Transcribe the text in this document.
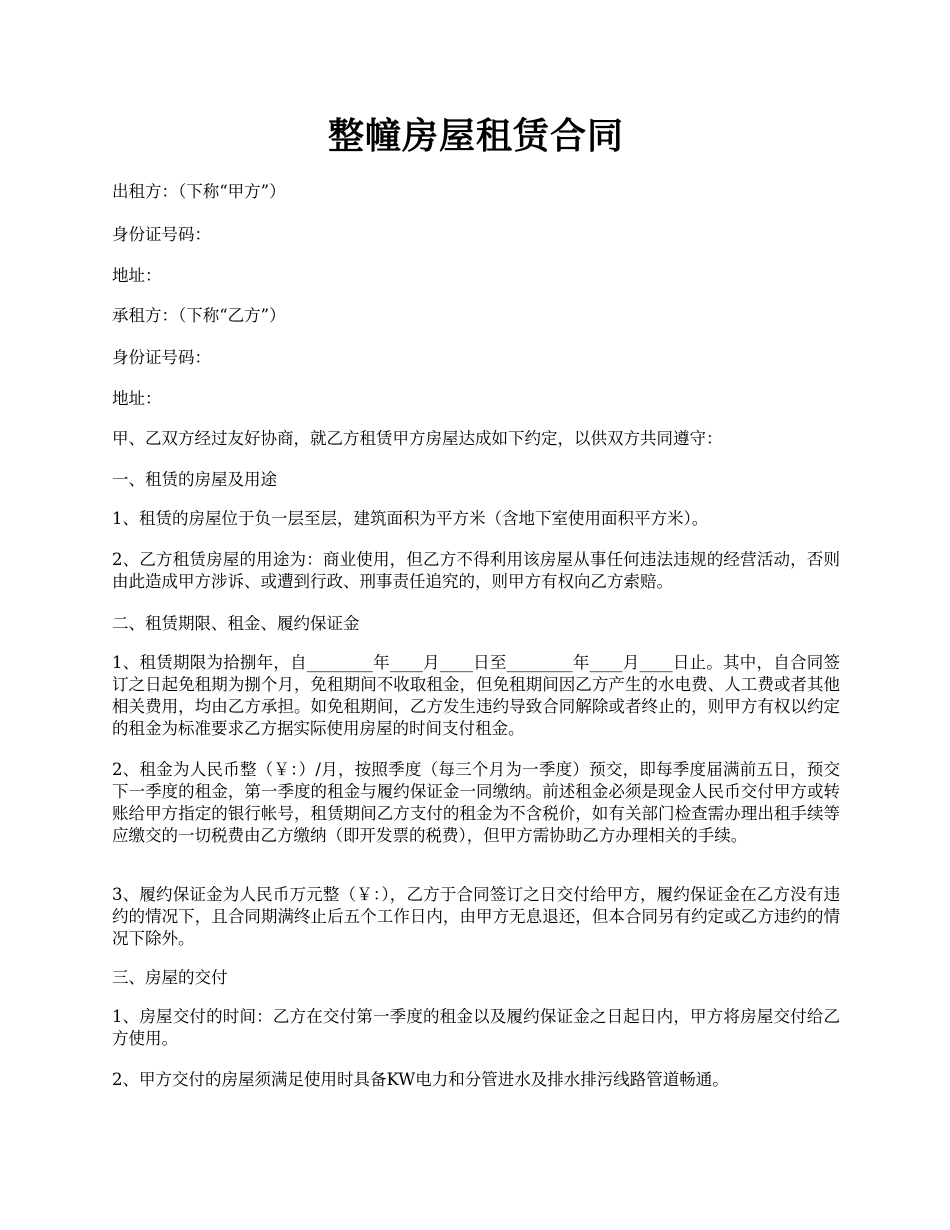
整幢房屋租赁合同
出租方：（下称“甲方”）
身份证号码：
地址：
承租方：（下称“乙方”）
身份证号码：
地址：
甲、乙双方经过友好协商，就乙方租赁甲方房屋达成如下约定，以供双方共同遵守：
一、租赁的房屋及用途
1、租赁的房屋位于负一层至层，建筑面积为平方米（含地下室使用面积平方米）。
2、乙方租赁房屋的用途为：商业使用，但乙方不得利用该房屋从事任何违法违规的经营活动，否则由此造成甲方涉诉、或遭到行政、刑事责任追究的，则甲方有权向乙方索赔。
二、租赁期限、租金、履约保证金
1、租赁期限为拾捌年，自________年____月____日至________年____月____日止。其中，自合同签订之日起免租期为捌个月，免租期间不收取租金，但免租期间因乙方产生的水电费、人工费或者其他相关费用，均由乙方承担。如免租期间，乙方发生违约导致合同解除或者终止的，则甲方有权以约定的租金为标准要求乙方据实际使用房屋的时间支付租金。
2、租金为人民币整（￥：）/月，按照季度（每三个月为一季度）预交，即每季度届满前五日，预交下一季度的租金，第一季度的租金与履约保证金一同缴纳。前述租金必须是现金人民币交付甲方或转账给甲方指定的银行帐号，租赁期间乙方支付的租金为不含税价，如有关部门检查需办理出租手续等应缴交的一切税费由乙方缴纳（即开发票的税费），但甲方需协助乙方办理相关的手续。
3、履约保证金为人民币万元整（￥：），乙方于合同签订之日交付给甲方，履约保证金在乙方没有违约的情况下，且合同期满终止后五个工作日内，由甲方无息退还，但本合同另有约定或乙方违约的情况下除外。
三、房屋的交付
1、房屋交付的时间：乙方在交付第一季度的租金以及履约保证金之日起日内，甲方将房屋交付给乙方使用。
2、甲方交付的房屋须满足使用时具备KW电力和分管进水及排水排污线路管道畅通。
